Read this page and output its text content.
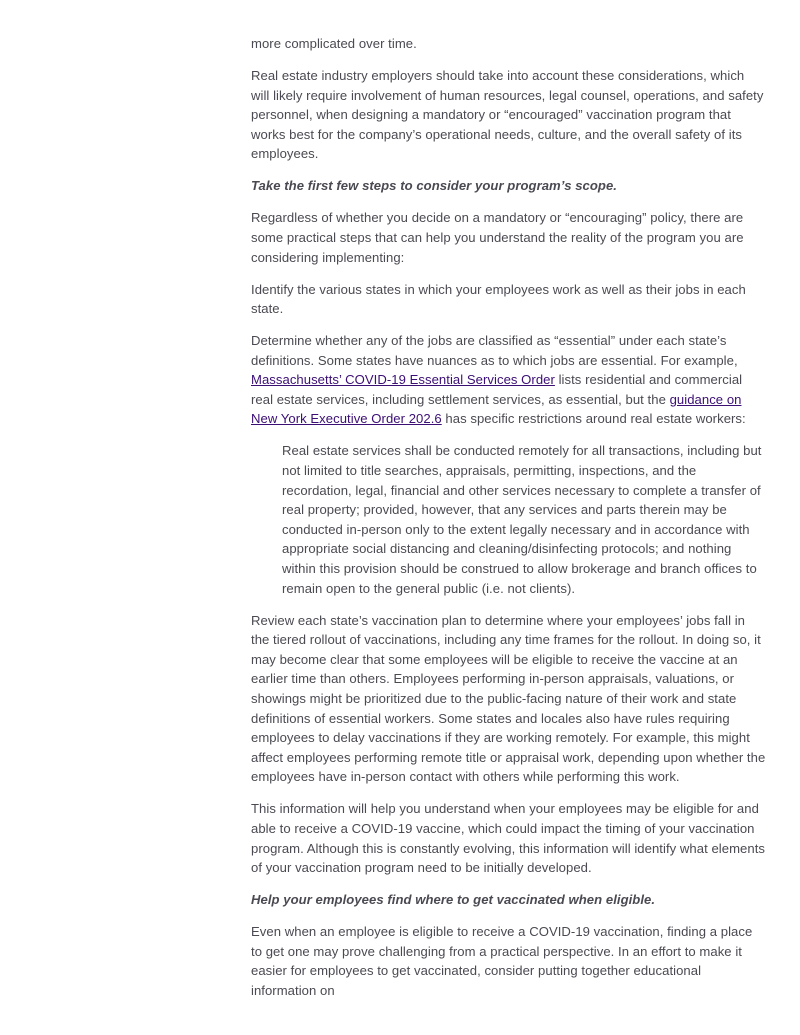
more complicated over time.

Real estate industry employers should take into account these considerations, which will likely require involvement of human resources, legal counsel, operations, and safety personnel, when designing a mandatory or “encouraged” vaccination program that works best for the company’s operational needs, culture, and the overall safety of its employees.

Take the first few steps to consider your program’s scope.

Regardless of whether you decide on a mandatory or “encouraging” policy, there are some practical steps that can help you understand the reality of the program you are considering implementing:

Identify the various states in which your employees work as well as their jobs in each state.

Determine whether any of the jobs are classified as “essential” under each state’s definitions. Some states have nuances as to which jobs are essential. For example, Massachusetts’ COVID-19 Essential Services Order lists residential and commercial real estate services, including settlement services, as essential, but the guidance on New York Executive Order 202.6 has specific restrictions around real estate workers:

Real estate services shall be conducted remotely for all transactions, including but not limited to title searches, appraisals, permitting, inspections, and the recordation, legal, financial and other services necessary to complete a transfer of real property; provided, however, that any services and parts therein may be conducted in-person only to the extent legally necessary and in accordance with appropriate social distancing and cleaning/disinfecting protocols; and nothing within this provision should be construed to allow brokerage and branch offices to remain open to the general public (i.e. not clients).

Review each state’s vaccination plan to determine where your employees’ jobs fall in the tiered rollout of vaccinations, including any time frames for the rollout. In doing so, it may become clear that some employees will be eligible to receive the vaccine at an earlier time than others. Employees performing in-person appraisals, valuations, or showings might be prioritized due to the public-facing nature of their work and state definitions of essential workers. Some states and locales also have rules requiring employees to delay vaccinations if they are working remotely. For example, this might affect employees performing remote title or appraisal work, depending upon whether the employees have in-person contact with others while performing this work.

This information will help you understand when your employees may be eligible for and able to receive a COVID-19 vaccine, which could impact the timing of your vaccination program. Although this is constantly evolving, this information will identify what elements of your vaccination program need to be initially developed.

Help your employees find where to get vaccinated when eligible.

Even when an employee is eligible to receive a COVID-19 vaccination, finding a place to get one may prove challenging from a practical perspective. In an effort to make it easier for employees to get vaccinated, consider putting together educational information on
